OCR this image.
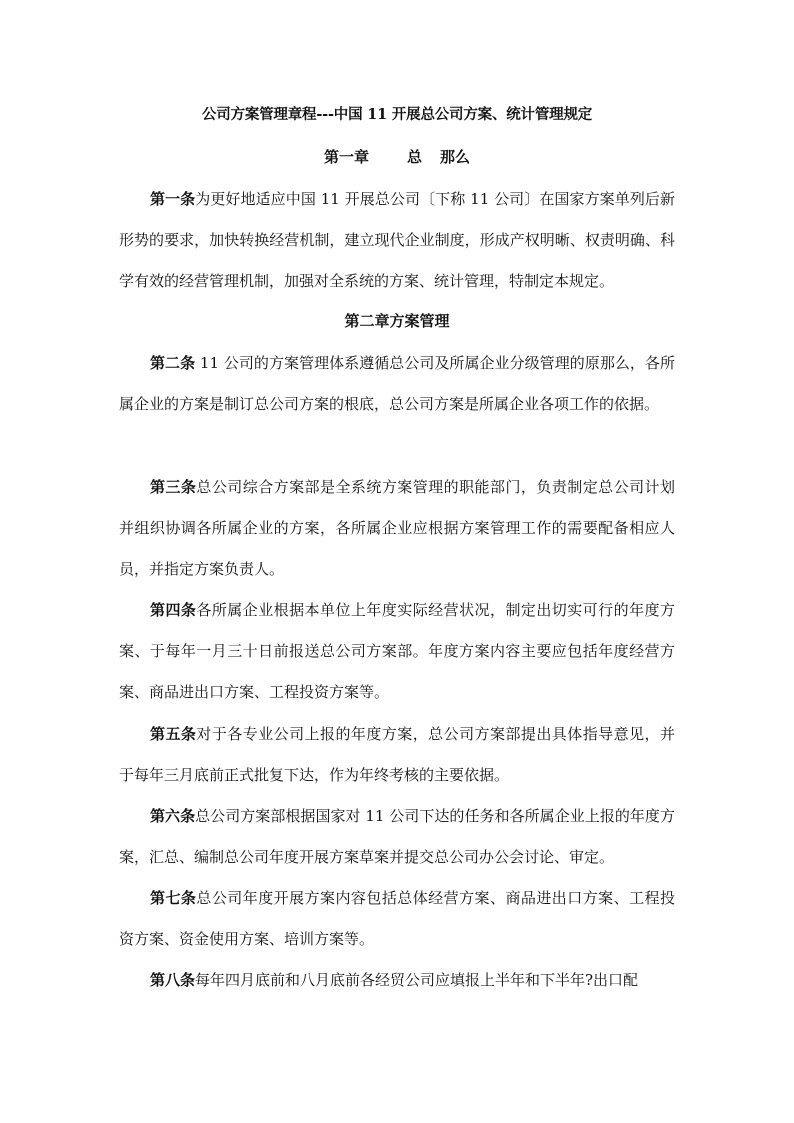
公司方案管理章程---中国 11 开展总公司方案、统计管理规定
第一章	总 那么

第一条为更好地适应中国 11 开展总公司〔下称 11 公司〕在国家方案单列后新形势的要求，加快转换经营机制，建立现代企业制度，形成产权明晰、权责明确、科学有效的经营管理机制，加强对全系统的方案、统计管理，特制定本规定。

第二章方案管理

第二条 11 公司的方案管理体系遵循总公司及所属企业分级管理的原那么，各所属企业的方案是制订总公司方案的根底，总公司方案是所属企业各项工作的依据。

第三条总公司综合方案部是全系统方案管理的职能部门，负责制定总公司计划并组织协调各所属企业的方案，各所属企业应根据方案管理工作的需要配备相应人员，并指定方案负责人。

第四条各所属企业根据本单位上年度实际经营状况，制定出切实可行的年度方案、于每年一月三十日前报送总公司方案部。年度方案内容主要应包括年度经营方案、商品进出口方案、工程投资方案等。

第五条对于各专业公司上报的年度方案，总公司方案部提出具体指导意见，并于每年三月底前正式批复下达，作为年终考核的主要依据。

第六条总公司方案部根据国家对 11 公司下达的任务和各所属企业上报的年度方案，汇总、编制总公司年度开展方案草案并提交总公司办公会讨论、审定。

第七条总公司年度开展方案内容包括总体经营方案、商品进出口方案、工程投资方案、资金使用方案、培训方案等。

第八条每年四月底前和八月底前各经贸公司应填报上半年和下半年?出口配
